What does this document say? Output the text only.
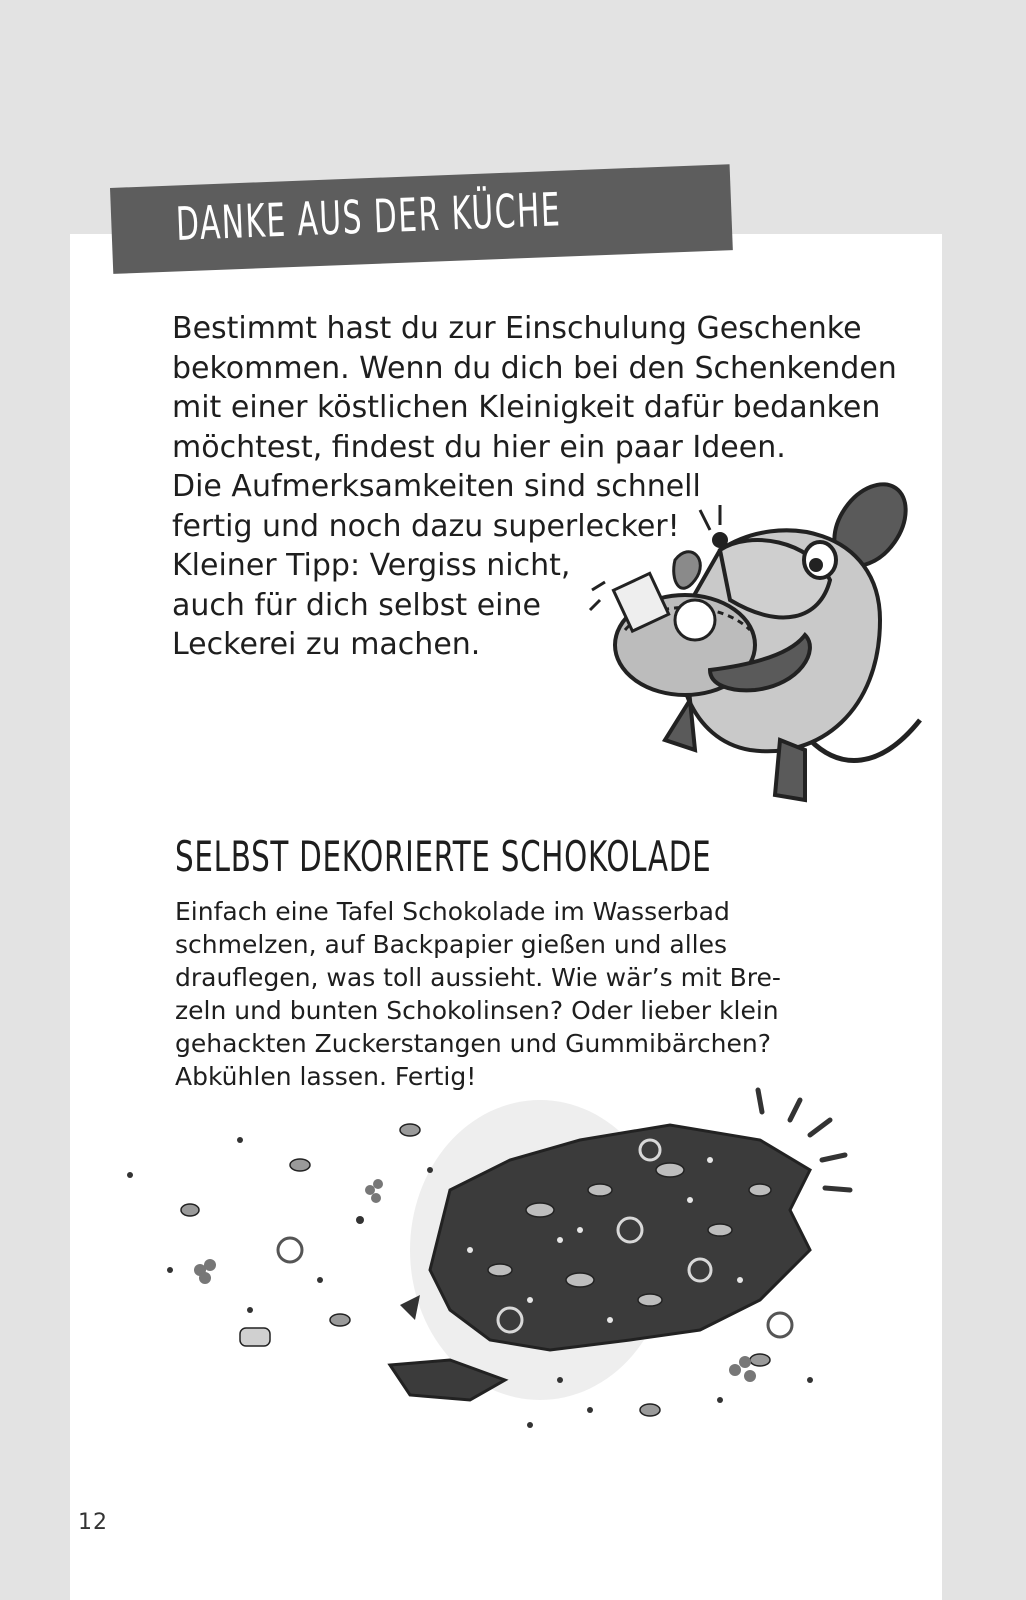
DANKE AUS DER KÜCHE

Bestimmt hast du zur Einschulung Geschenke
bekommen. Wenn du dich bei den Schenkenden
mit einer köstlichen Kleinigkeit dafür bedanken
möchtest, findest du hier ein paar Ideen.
Die Aufmerksamkeiten sind schnell
fertig und noch dazu superlecker!
Kleiner Tipp: Vergiss nicht,
auch für dich selbst eine
Leckerei zu machen.

SELBST DEKORIERTE SCHOKOLADE

Einfach eine Tafel Schokolade im Wasserbad
schmelzen, auf Backpapier gießen und alles
drauflegen, was toll aussieht. Wie wär’s mit Bre-
zeln und bunten Schokolinsen? Oder lieber klein
gehackten Zuckerstangen und Gummibärchen?
Abkühlen lassen. Fertig!

12
